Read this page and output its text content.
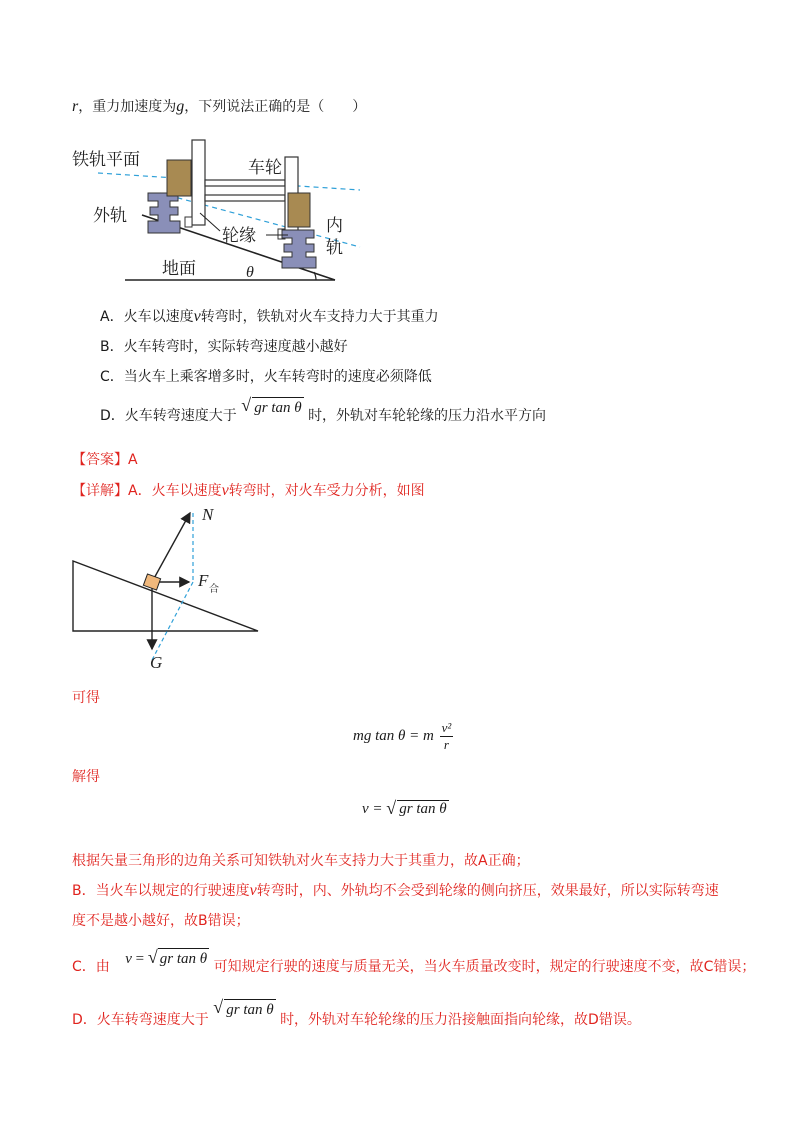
r，重力加速度为g，下列说法正确的是（　　）
铁轨平面	车轮
外轨
轮缘	内
轨
地面	θ
A．火车以速度v转弯时，铁轨对火车支持力大于其重力
B．火车转弯时，实际转弯速度越小越好
C．当火车上乘客增多时，火车转弯时的速度必须降低
D．火车转弯速度大于
√ gr tan θ 时，外轨对车轮轮缘的压力沿水平方向
【答案】A
【详解】A．火车以速度v转弯时，对火车受力分析，如图
N
F 合
G
可得
mg tan θ = m $\frac{\text{v²}}{r}$
解得
v = √ gr tan θ
根据矢量三角形的边角关系可知铁轨对火车支持力大于其重力，故A正确；
B．当火车以规定的行驶速度v转弯时，内、外轨均不会受到轮缘的侧向挤压，效果最好，所以实际转弯速
度不是越小越好，故B错误；
C．由 v = √ gr tan θ 可知规定行驶的速度与质量无关，当火车质量改变时，规定的行驶速度不变，故C错误；
D．火车转弯速度大于
√ gr tan θ 时，外轨对车轮轮缘的压力沿接触面指向轮缘，故D错误。
